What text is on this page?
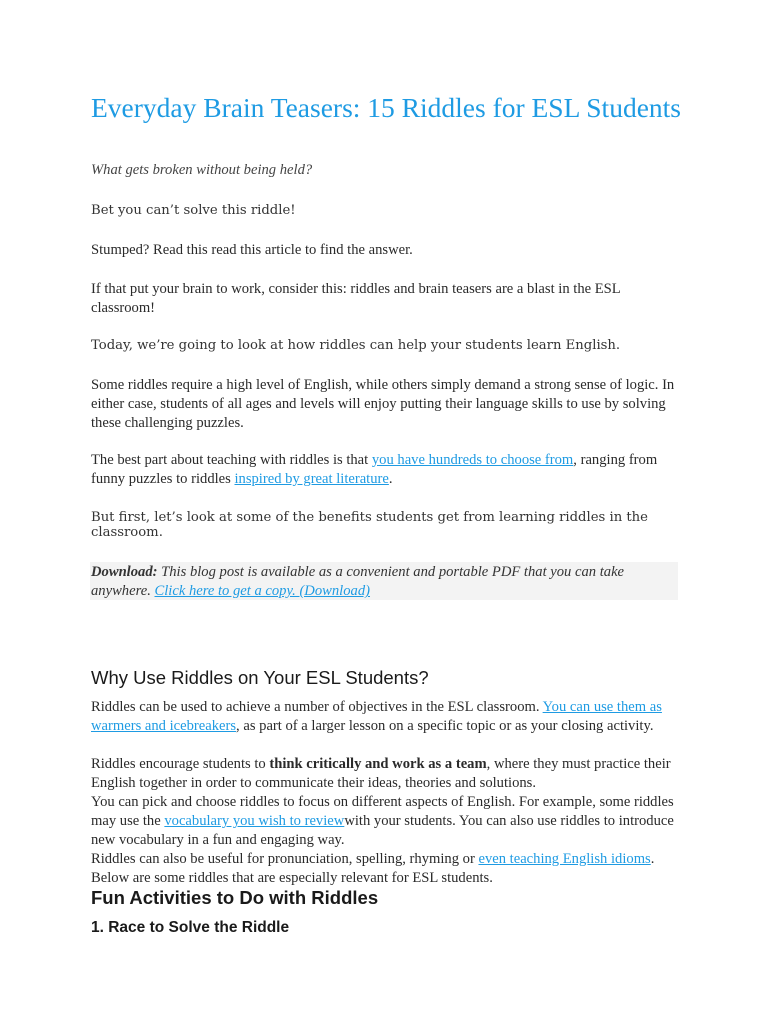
Everyday Brain Teasers: 15 Riddles for ESL Students

What gets broken without being held?

Bet you can’t solve this riddle!

Stumped? Read this read this article to find the answer.

If that put your brain to work, consider this: riddles and brain teasers are a blast in the ESL classroom!

Today, we’re going to look at how riddles can help your students learn English.

Some riddles require a high level of English, while others simply demand a strong sense of logic. In either case, students of all ages and levels will enjoy putting their language skills to use by solving these challenging puzzles.

The best part about teaching with riddles is that you have hundreds to choose from, ranging from funny puzzles to riddles inspired by great literature.

But first, let’s look at some of the benefits students get from learning riddles in the classroom.

Why Use Riddles on Your ESL Students?

Riddles can be used to achieve a number of objectives in the ESL classroom. You can use them as warmers and icebreakers, as part of a larger lesson on a specific topic or as your closing activity.

Riddles encourage students to think critically and work as a team, where they must practice their English together in order to communicate their ideas, theories and solutions.

You can pick and choose riddles to focus on different aspects of English. For example, some riddles may use the vocabulary you wish to reviewwith your students. You can also use riddles to introduce new vocabulary in a fun and engaging way.

Riddles can also be useful for pronunciation, spelling, rhyming or even teaching English idioms. Below are some riddles that are especially relevant for ESL students.

Fun Activities to Do with Riddles
1. Race to Solve the Riddle
Download: This blog post is available as a convenient and portable PDF that you can take anywhere. Click here to get a copy. (Download)
